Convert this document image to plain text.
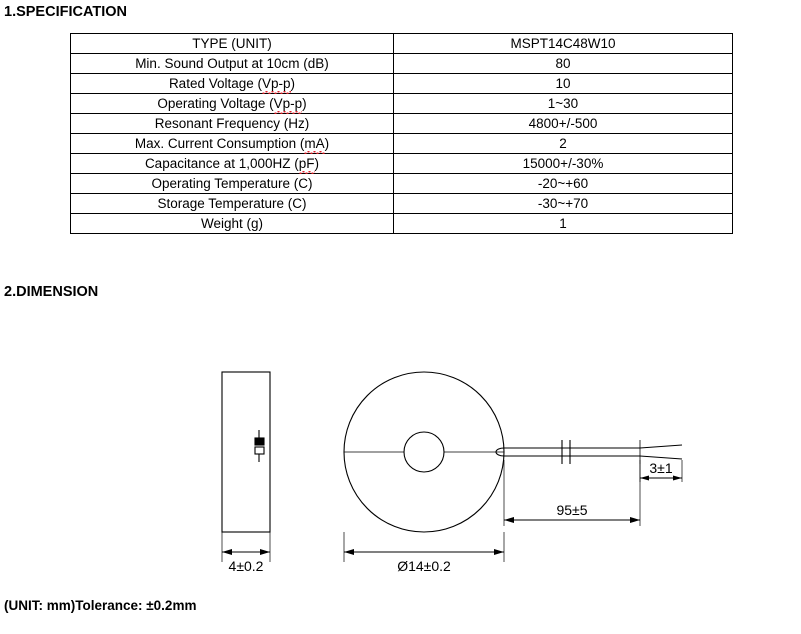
1.SPECIFICATION
2.DIMENSION
TYPE (UNIT)	MSPT14C48W10
Min. Sound Output at 10cm (dB)	80
Rated Voltage (Vp-p)	10
Operating Voltage (Vp-p)	1~30
Resonant Frequency (Hz)	4800+/-500
Max. Current Consumption (mA)	2
Capacitance at 1,000HZ (pF)	15000+/-30%
Operating Temperature (C)	-20~+60
Storage Temperature (C)	-30~+70
Weight (g)	1
4±0.2	Ø14±0.2
95±5
3±1
(UNIT: mm)Tolerance: ±0.2mm
